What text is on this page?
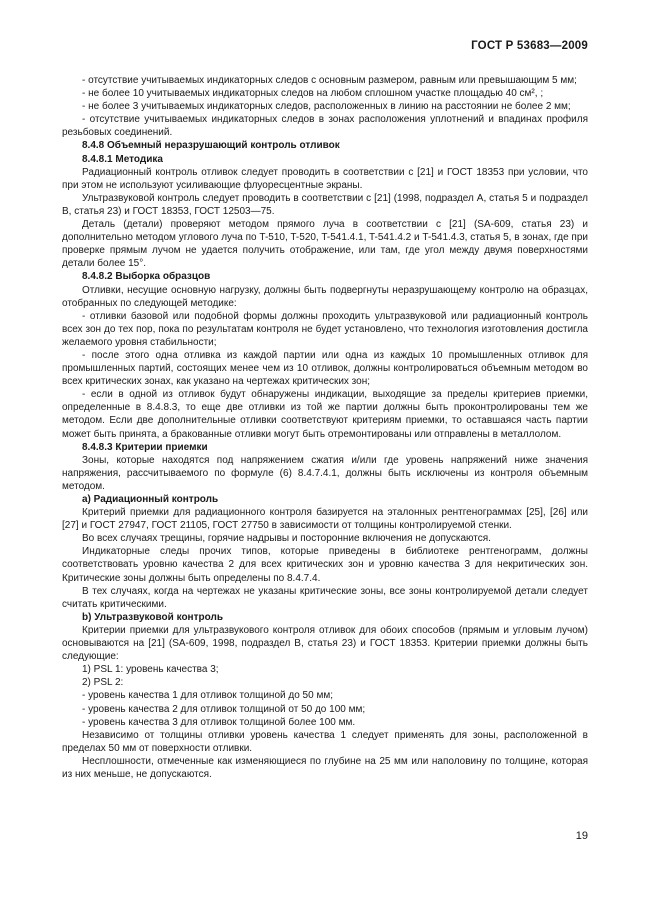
ГОСТ Р 53683—2009

- отсутствие учитываемых индикаторных следов с основным размером, равным или превышающим 5 мм;

- не более 10 учитываемых индикаторных следов на любом сплошном участке площадью 40 см², ;

- не более 3 учитываемых индикаторных следов, расположенных в линию на расстоянии не более 2 мм;

- отсутствие учитываемых индикаторных следов в зонах расположения уплотнений и впадинах профиля резьбовых соединений.

8.4.8 Объемный неразрушающий контроль отливок

8.4.8.1 Методика

Радиационный контроль отливок следует проводить в соответствии с [21] и ГОСТ 18353 при условии, что при этом не используют усиливающие флуоресцентные экраны.

Ультразвуковой контроль следует проводить в соответствии с [21] (1998, подраздел А, статья 5 и подраздел B, статья 23) и ГОСТ 18353, ГОСТ 12503—75.

Деталь (детали) проверяют методом прямого луча в соответствии с [21] (SA-609, статья 23) и дополнительно методом углового луча по T-510, T-520, T-541.4.1, T-541.4.2 и T-541.4.3, статья 5, в зонах, где при проверке прямым лучом не удается получить отображение, или там, где угол между двумя поверхностями детали более 15°.

8.4.8.2 Выборка образцов

Отливки, несущие основную нагрузку, должны быть подвергнуты неразрушающему контролю на образцах, отобранных по следующей методике:

- отливки базовой или подобной формы должны проходить ультразвуковой или радиационный контроль всех зон до тех пор, пока по результатам контроля не будет установлено, что технология изготовления достигла желаемого уровня стабильности;

- после этого одна отливка из каждой партии или одна из каждых 10 промышленных отливок для промышленных партий, состоящих менее чем из 10 отливок, должны контролироваться объемным методом во всех критических зонах, как указано на чертежах критических зон;

- если в одной из отливок будут обнаружены индикации, выходящие за пределы критериев приемки, определенные в 8.4.8.3, то еще две отливки из той же партии должны быть проконтролированы тем же методом. Если две дополнительные отливки соответствуют критериям приемки, то оставшаяся часть партии может быть принята, а бракованные отливки могут быть отремонтированы или отправлены в металлолом.

8.4.8.3 Критерии приемки

Зоны, которые находятся под напряжением сжатия и/или где уровень напряжений ниже значения напряжения, рассчитываемого по формуле (6) 8.4.7.4.1, должны быть исключены из контроля объемным методом.

а) Радиационный контроль

Критерий приемки для радиационного контроля базируется на эталонных рентгенограммах [25], [26] или [27] и ГОСТ 27947, ГОСТ 21105, ГОСТ 27750 в зависимости от толщины контролируемой стенки.

Во всех случаях трещины, горячие надрывы и посторонние включения не допускаются.

Индикаторные следы прочих типов, которые приведены в библиотеке рентгенограмм, должны соответствовать уровню качества 2 для всех критических зон и уровню качества 3 для некритических зон. Критические зоны должны быть определены по 8.4.7.4.

В тех случаях, когда на чертежах не указаны критические зоны, все зоны контролируемой детали следует считать критическими.

b) Ультразвуковой контроль

Критерии приемки для ультразвукового контроля отливок для обоих способов (прямым и угловым лучом) основываются на [21] (SA-609, 1998, подраздел B, статья 23) и ГОСТ 18353. Критерии приемки должны быть следующие:

1) PSL 1: уровень качества 3;

2) PSL 2:

- уровень качества 1 для отливок толщиной до 50 мм;

- уровень качества 2 для отливок толщиной от 50 до 100 мм;

- уровень качества 3 для отливок толщиной более 100 мм.

Независимо от толщины отливки уровень качества 1 следует применять для зоны, расположенной в пределах 50 мм от поверхности отливки.

Несплошности, отмеченные как изменяющиеся по глубине на 25 мм или наполовину по толщине, которая из них меньше, не допускаются.

19
